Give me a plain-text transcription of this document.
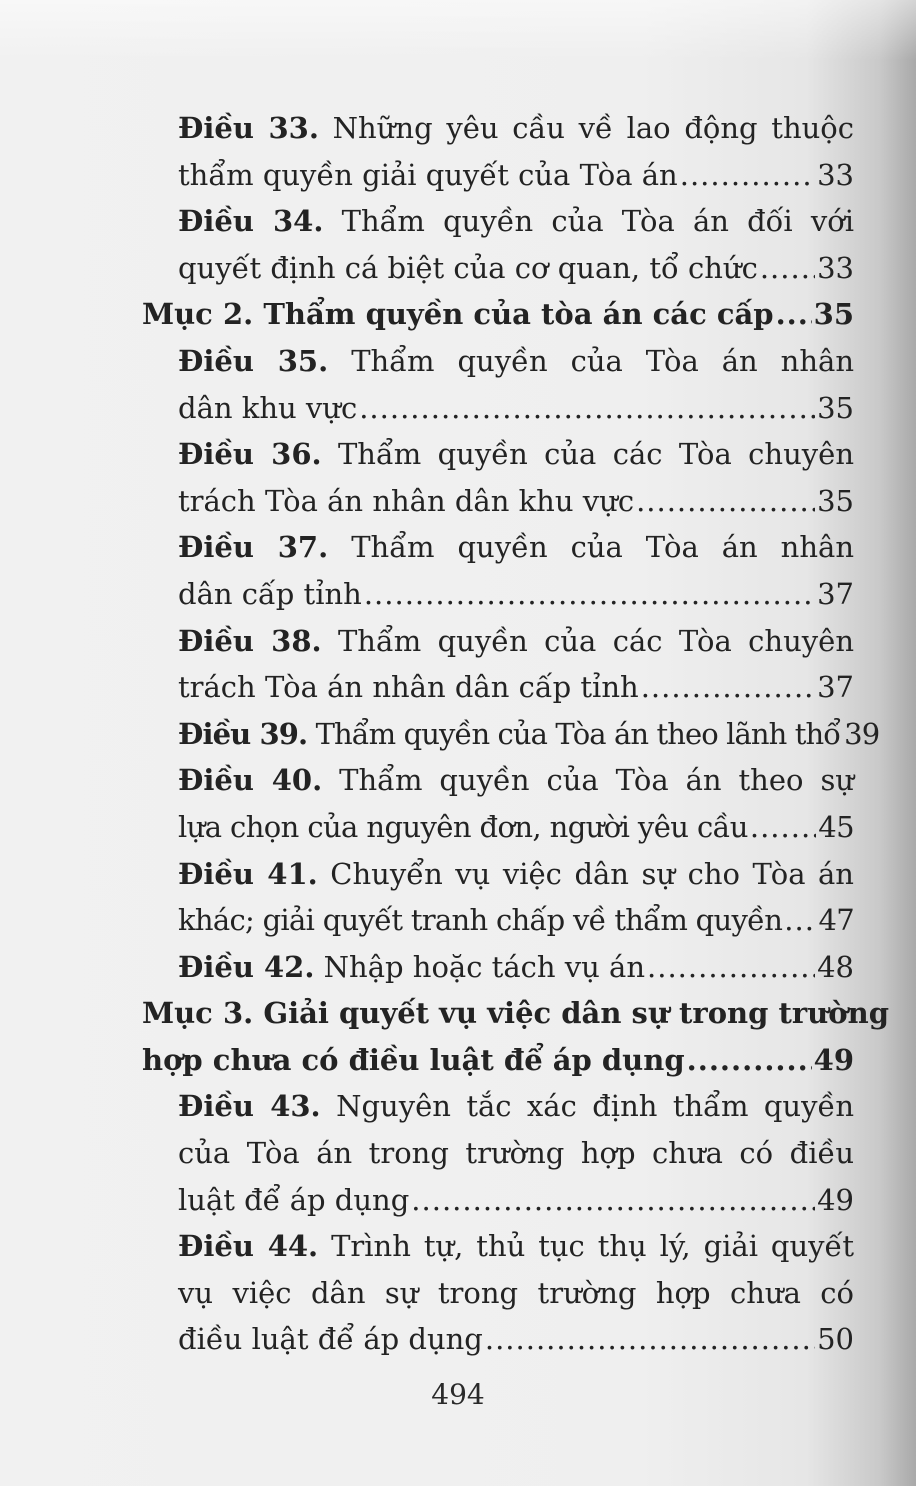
Điều 33. Những yêu cầu về lao động thuộc
thẩm quyền giải quyết của Tòa án .....	33
Điều 34. Thẩm quyền của Tòa án đối với
quyết định cá biệt của cơ quan, tổ chức ..... 33
Mục 2.
Thẩm quyền của tòa án các cấp ..... 35
Điều 35. Thẩm quyền của Tòa án nhân
dân khu vực .....	35
Điều 36. Thẩm quyền của các Tòa chuyên
trách Tòa án nhân dân khu vực .....	35
Điều 37. Thẩm quyền của Tòa án nhân
dân cấp tỉnh .....	37
Điều 38. Thẩm quyền của các Tòa chuyên
trách Tòa án nhân dân cấp tỉnh .....	37
Điều 39.
Thẩm quyền của Tòa án theo lãnh thổ 39
Điều 40. Thẩm quyền của Tòa án theo sự
lựa chọn của nguyên đơn, người yêu cầu ..... 45
Điều 41. Chuyển vụ việc dân sự cho Tòa án
khác; giải quyết tranh chấp về thẩm quyền ..... 47
Điều 42.
Nhập hoặc tách vụ án .....	48
Mục 3. Giải quyết vụ việc dân sự trong trường
hợp chưa có điều luật để áp dụng .....	49
Điều 43. Nguyên tắc xác định thẩm quyền
của Tòa án trong trường hợp chưa có điều
luật để áp dụng .....	49
Điều 44. Trình tự, thủ tục thụ lý, giải quyết
vụ việc dân sự trong trường hợp chưa có
điều luật để áp dụng .....	50
494
